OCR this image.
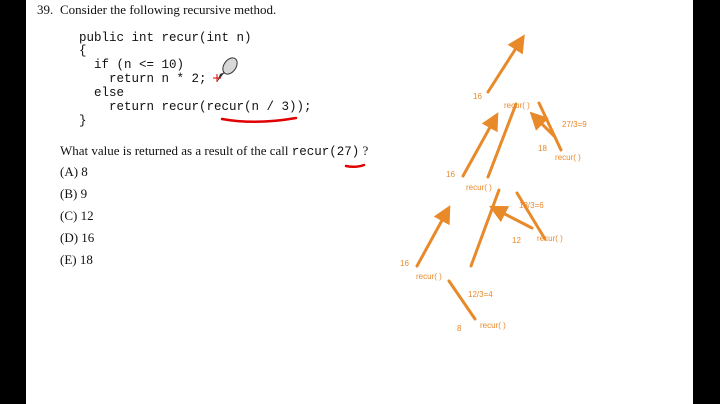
39. Consider the following recursive method.
public int recur(int n)
{
if (n <= 10)
return n * 2;
else
return recur(recur(n / 3));
}
What value is returned as a result of the call recur(27) ?
(A) 8
(B) 9
(C) 12
(D) 16
(E) 18
16
recur( )
27/3=9
18
recur( )
16
recur( )
18/3=6
12 recur( )
16
recur( )
12/3=4
8 recur( )
